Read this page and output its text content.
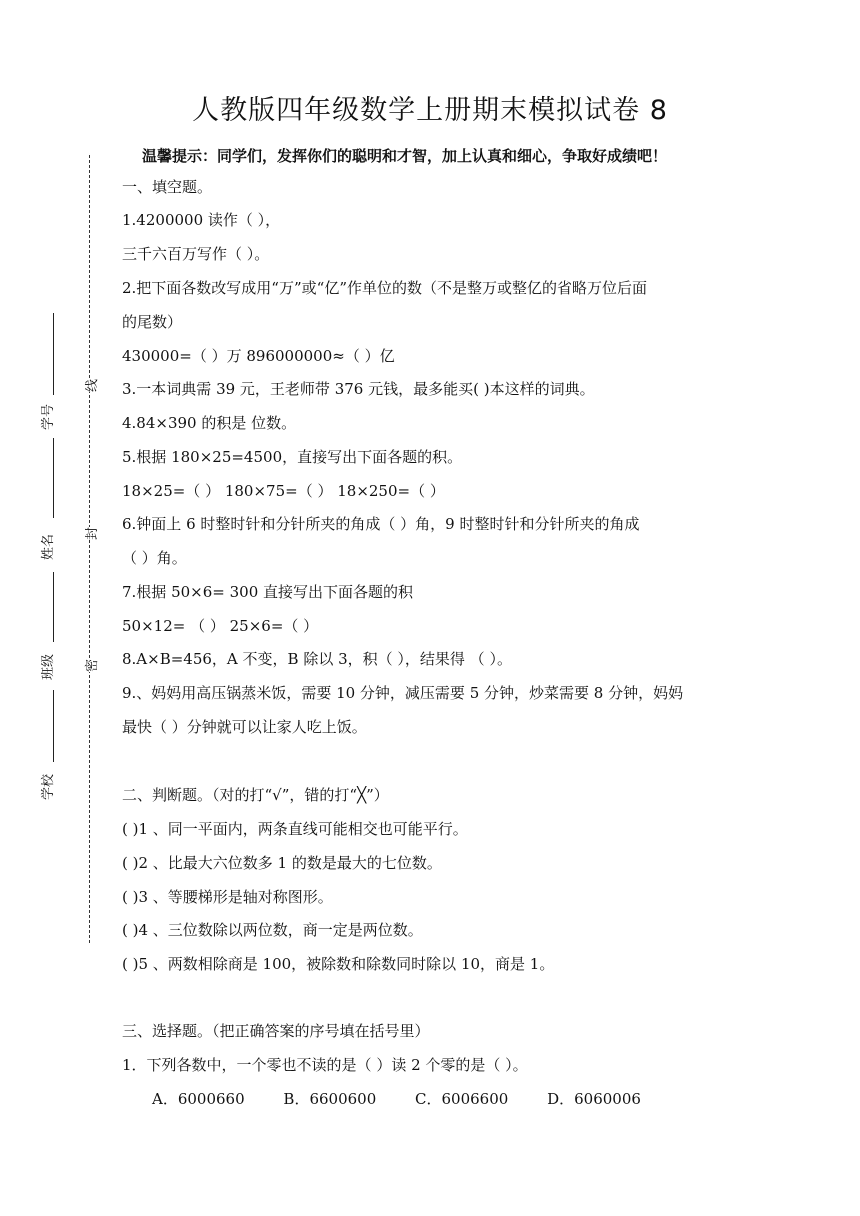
人教版四年级数学上册期末模拟试卷 8
温馨提示：同学们，发挥你们的聪明和才智，加上认真和细心，争取好成绩吧！
学号
姓名
班级
学校
线
封
密
一、填空题。
1.4200000 读作（ ），
三千六百万写作（ ）。
2.把下面各数改写成用“万”或“亿”作单位的数（不是整万或整亿的省略万位后面
的尾数）
430000=（ ）万 896000000≈（ ）亿
3.一本词典需 39 元，王老师带 376 元钱，最多能买( )本这样的词典。
4.84×390 的积是 位数。
5.根据 180×25=4500，直接写出下面各题的积。
18×25=（ ） 180×75=（ ） 18×250=（ ）
6.钟面上 6 时整时针和分针所夹的角成（ ）角，9 时整时针和分针所夹的角成
（ ）角。
7.根据 50×6= 300 直接写出下面各题的积
50×12= （ ） 25×6=（ ）
8.A×B=456，A 不变，B 除以 3，积（ ），结果得 （ ）。
9.、妈妈用高压锅蒸米饭，需要 10 分钟，减压需要 5 分钟，炒菜需要 8 分钟，妈妈
最快（ ）分钟就可以让家人吃上饭。
二、判断题。（对的打“√”，错的打“╳”）
( )1 、同一平面内，两条直线可能相交也可能平行。
( )2 、比最大六位数多 1 的数是最大的七位数。
( )3 、等腰梯形是轴对称图形。
( )4 、三位数除以两位数，商一定是两位数。
( )5 、两数相除商是 100，被除数和除数同时除以 10，商是 1。
三、选择题。（把正确答案的序号填在括号里）
1．下列各数中，一个零也不读的是（ ）读 2 个零的是（ ）。
A．6000660	B．6600600	C．6006600	D．6060006
